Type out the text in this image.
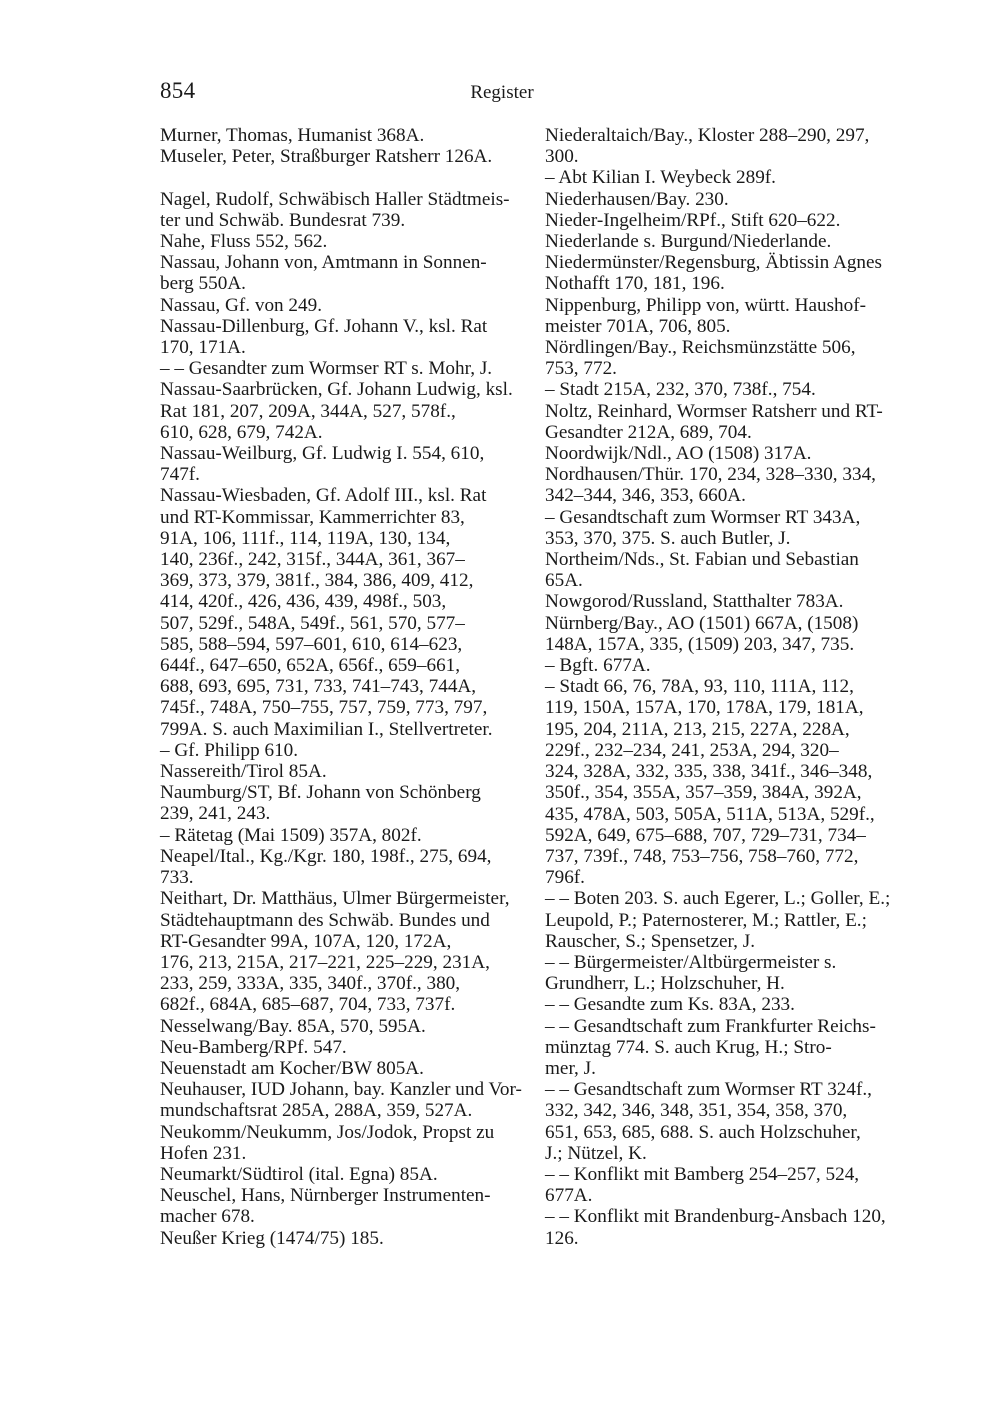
854	Register
Murner, Thomas, Humanist 368A.
Museler, Peter, Straßburger Ratsherr 126A.
Nagel, Rudolf, Schwäbisch Haller Städtmeis-
ter und Schwäb. Bundesrat 739.
Nahe, Fluss 552, 562.
Nassau, Johann von, Amtmann in Sonnen-
berg 550A.
Nassau, Gf. von 249.
Nassau-Dillenburg, Gf. Johann V., ksl. Rat
170, 171A.
– – Gesandter zum Wormser RT s. Mohr, J.
Nassau-Saarbrücken, Gf. Johann Ludwig, ksl.
Rat 181, 207, 209A, 344A, 527, 578f.,
610, 628, 679, 742A.
Nassau-Weilburg, Gf. Ludwig I. 554, 610,
747f.
Nassau-Wiesbaden, Gf. Adolf III., ksl. Rat
und RT-Kommissar, Kammerrichter 83,
91A, 106, 111f., 114, 119A, 130, 134,
140, 236f., 242, 315f., 344A, 361, 367–
369, 373, 379, 381f., 384, 386, 409, 412,
414, 420f., 426, 436, 439, 498f., 503,
507, 529f., 548A, 549f., 561, 570, 577–
585, 588–594, 597–601, 610, 614–623,
644f., 647–650, 652A, 656f., 659–661,
688, 693, 695, 731, 733, 741–743, 744A,
745f., 748A, 750–755, 757, 759, 773, 797,
799A. S. auch Maximilian I., Stellvertreter.
– Gf. Philipp 610.
Nassereith/Tirol 85A.
Naumburg/ST, Bf. Johann von Schönberg
239, 241, 243.
– Rätetag (Mai 1509) 357A, 802f.
Neapel/Ital., Kg./Kgr. 180, 198f., 275, 694,
733.
Neithart, Dr. Matthäus, Ulmer Bürgermeister,
Städtehauptmann des Schwäb. Bundes und
RT-Gesandter 99A, 107A, 120, 172A,
176, 213, 215A, 217–221, 225–229, 231A,
233, 259, 333A, 335, 340f., 370f., 380,
682f., 684A, 685–687, 704, 733, 737f.
Nesselwang/Bay. 85A, 570, 595A.
Neu-Bamberg/RPf. 547.
Neuenstadt am Kocher/BW 805A.
Neuhauser, IUD Johann, bay. Kanzler und Vor-
mundschaftsrat 285A, 288A, 359, 527A.
Neukomm/Neukumm, Jos/Jodok, Propst zu
Hofen 231.
Neumarkt/Südtirol (ital. Egna) 85A.
Neuschel, Hans, Nürnberger Instrumenten-
macher 678.
Neußer Krieg (1474/75) 185.
Niederaltaich/Bay., Kloster 288–290, 297,
300.
– Abt Kilian I. Weybeck 289f.
Niederhausen/Bay. 230.
Nieder-Ingelheim/RPf., Stift 620–622.
Niederlande s. Burgund/Niederlande.
Niedermünster/Regensburg, Äbtissin Agnes
Nothafft 170, 181, 196.
Nippenburg, Philipp von, württ. Haushof-
meister 701A, 706, 805.
Nördlingen/Bay., Reichsmünzstätte 506,
753, 772.
– Stadt 215A, 232, 370, 738f., 754.
Noltz, Reinhard, Wormser Ratsherr und RT-
Gesandter 212A, 689, 704.
Noordwijk/Ndl., AO (1508) 317A.
Nordhausen/Thür. 170, 234, 328–330, 334,
342–344, 346, 353, 660A.
– Gesandtschaft zum Wormser RT 343A,
353, 370, 375. S. auch Butler, J.
Northeim/Nds., St. Fabian und Sebastian
65A.
Nowgorod/Russland, Statthalter 783A.
Nürnberg/Bay., AO (1501) 667A, (1508)
148A, 157A, 335, (1509) 203, 347, 735.
– Bgft. 677A.
– Stadt 66, 76, 78A, 93, 110, 111A, 112,
119, 150A, 157A, 170, 178A, 179, 181A,
195, 204, 211A, 213, 215, 227A, 228A,
229f., 232–234, 241, 253A, 294, 320–
324, 328A, 332, 335, 338, 341f., 346–348,
350f., 354, 355A, 357–359, 384A, 392A,
435, 478A, 503, 505A, 511A, 513A, 529f.,
592A, 649, 675–688, 707, 729–731, 734–
737, 739f., 748, 753–756, 758–760, 772,
796f.
– – Boten 203. S. auch Egerer, L.; Goller, E.;
Leupold, P.; Paternosterer, M.; Rattler, E.;
Rauscher, S.; Spensetzer, J.
– – Bürgermeister/Altbürgermeister s.
Grundherr, L.; Holzschuher, H.
– – Gesandte zum Ks. 83A, 233.
– – Gesandtschaft zum Frankfurter Reichs-
münztag 774. S. auch Krug, H.; Stro-
mer, J.
– – Gesandtschaft zum Wormser RT 324f.,
332, 342, 346, 348, 351, 354, 358, 370,
651, 653, 685, 688. S. auch Holzschuher,
J.; Nützel, K.
– – Konflikt mit Bamberg 254–257, 524,
677A.
– – Konflikt mit Brandenburg-Ansbach 120,
126.
